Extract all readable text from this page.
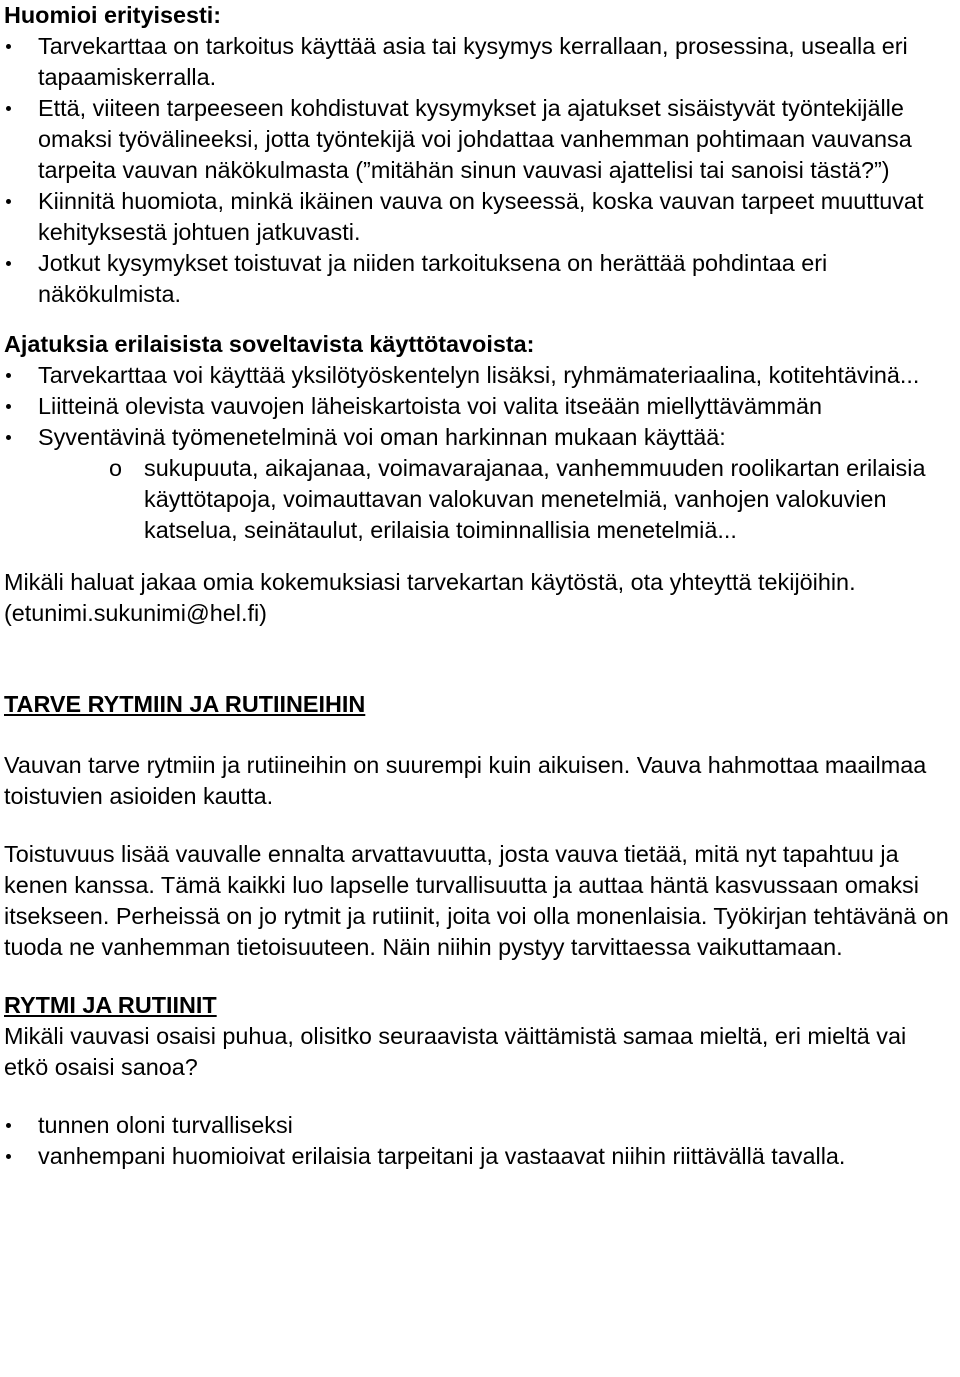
Huomioi erityisesti:

Tarvekarttaa on tarkoitus käyttää asia tai kysymys kerrallaan, prosessina, usealla eri tapaamiskerralla.
Että, viiteen tarpeeseen kohdistuvat kysymykset ja ajatukset sisäistyvät työntekijälle omaksi työvälineeksi, jotta työntekijä voi johdattaa vanhemman pohtimaan vauvansa tarpeita vauvan näkökulmasta (”mitähän sinun vauvasi ajattelisi tai sanoisi tästä?”)
Kiinnitä huomiota, minkä ikäinen vauva on kyseessä, koska vauvan tarpeet muuttuvat kehityksestä johtuen jatkuvasti.
Jotkut kysymykset toistuvat ja niiden tarkoituksena on herättää pohdintaa eri näkökulmista.

Ajatuksia erilaisista soveltavista käyttötavoista:

Tarvekarttaa voi käyttää yksilötyöskentelyn lisäksi, ryhmämateriaalina, kotitehtävinä...
Liitteinä olevista vauvojen läheiskartoista voi valita itseään miellyttävämmän
Syventävinä työmenetelminä voi oman harkinnan mukaan käyttää:
o sukupuuta, aikajanaa, voimavarajanaa, vanhemmuuden roolikartan erilaisia käyttötapoja, voimauttavan valokuvan menetelmiä, vanhojen valokuvien katselua, seinätaulut, erilaisia toiminnallisia menetelmiä...

Mikäli haluat jakaa omia kokemuksiasi tarvekartan käytöstä, ota yhteyttä tekijöihin. (etunimi.sukunimi@hel.fi)

TARVE RYTMIIN JA RUTIINEIHIN

Vauvan tarve rytmiin ja rutiineihin on suurempi kuin aikuisen. Vauva hahmottaa maailmaa toistuvien asioiden kautta.

Toistuvuus lisää vauvalle ennalta arvattavuutta, josta vauva tietää, mitä nyt tapahtuu ja kenen kanssa. Tämä kaikki luo lapselle turvallisuutta ja auttaa häntä kasvussaan omaksi itsekseen. Perheissä on jo rytmit ja rutiinit, joita voi olla monenlaisia. Työkirjan tehtävänä on tuoda ne vanhemman tietoisuuteen. Näin niihin pystyy tarvittaessa vaikuttamaan.

RYTMI JA RUTIINIT

Mikäli vauvasi osaisi puhua, olisitko seuraavista väittämistä samaa mieltä, eri mieltä vai etkö osaisi sanoa?

tunnen oloni turvalliseksi
vanhempani huomioivat erilaisia tarpeitani ja vastaavat niihin riittävällä tavalla.
